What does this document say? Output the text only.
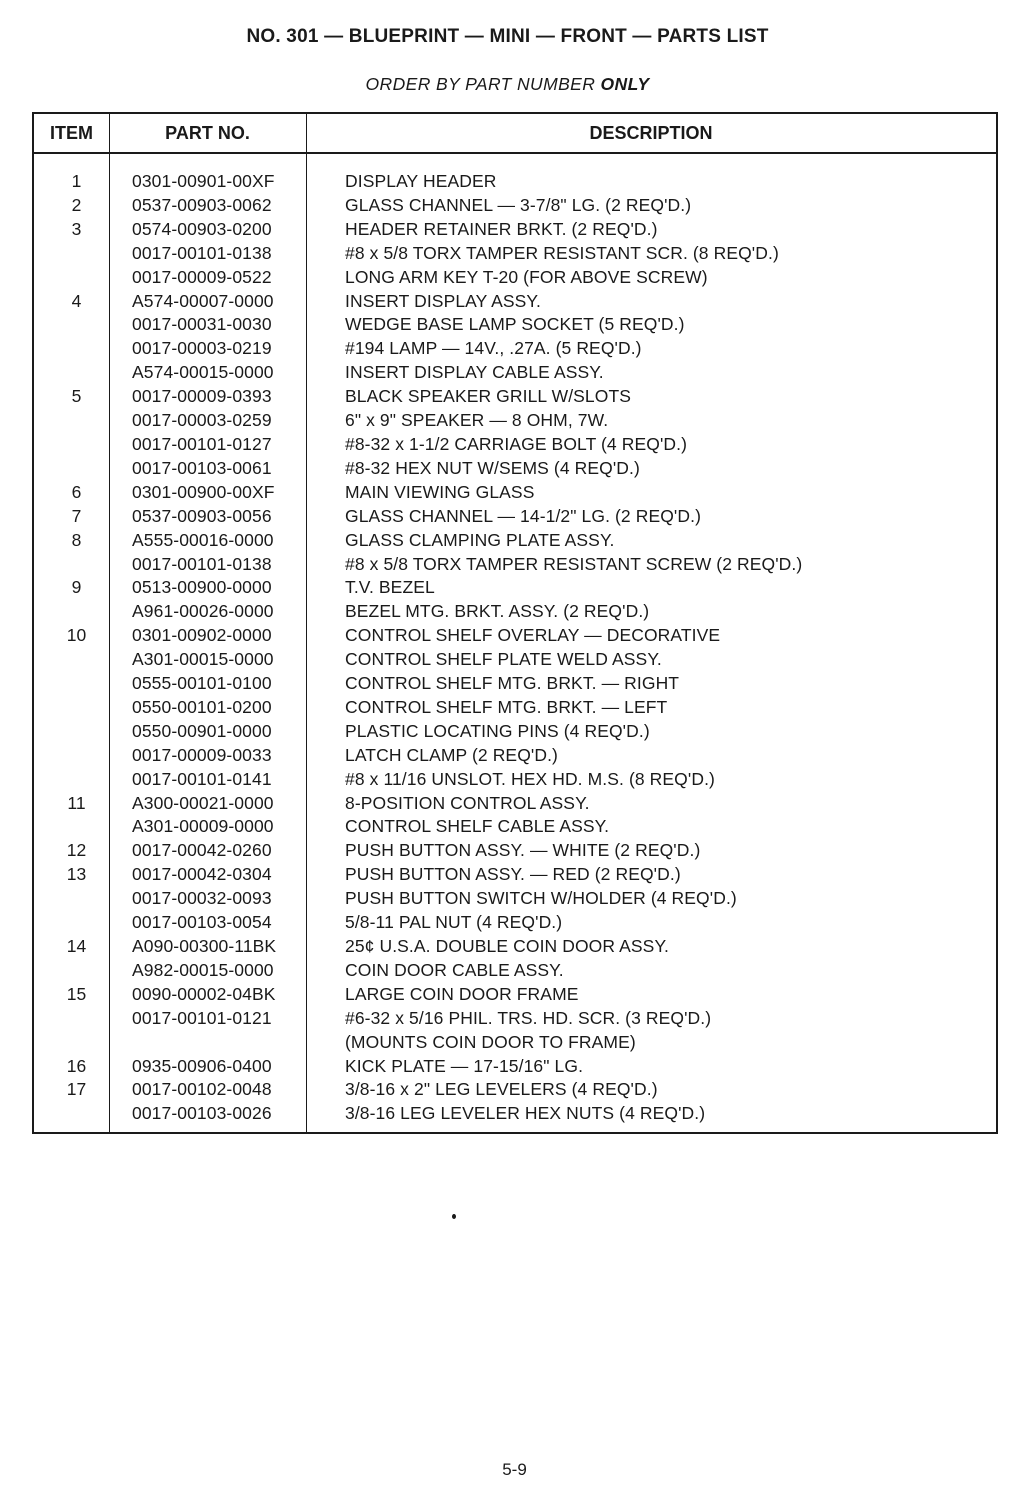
NO. 301 — BLUEPRINT — MINI — FRONT — PARTS LIST
ORDER BY PART NUMBER ONLY
ITEM	PART NO.	DESCRIPTION
1	0301-00901-00XF	DISPLAY HEADER
2	0537-00903-0062	GLASS CHANNEL — 3-7/8" LG. (2 REQ'D.)
3	0574-00903-0200	HEADER RETAINER BRKT. (2 REQ'D.)
0017-00101-0138	#8 x 5/8 TORX TAMPER RESISTANT SCR. (8 REQ'D.)
0017-00009-0522	LONG ARM KEY T-20 (FOR ABOVE SCREW)
4	A574-00007-0000	INSERT DISPLAY ASSY.
0017-00031-0030	WEDGE BASE LAMP SOCKET (5 REQ'D.)
0017-00003-0219	#194 LAMP — 14V., .27A. (5 REQ'D.)
A574-00015-0000	INSERT DISPLAY CABLE ASSY.
5	0017-00009-0393	BLACK SPEAKER GRILL W/SLOTS
0017-00003-0259	6" x 9" SPEAKER — 8 OHM, 7W.
0017-00101-0127	#8-32 x 1-1/2 CARRIAGE BOLT (4 REQ'D.)
0017-00103-0061	#8-32 HEX NUT W/SEMS (4 REQ'D.)
6	0301-00900-00XF	MAIN VIEWING GLASS
7	0537-00903-0056	GLASS CHANNEL — 14-1/2" LG. (2 REQ'D.)
8	A555-00016-0000	GLASS CLAMPING PLATE ASSY.
0017-00101-0138	#8 x 5/8 TORX TAMPER RESISTANT SCREW (2 REQ'D.)
9	0513-00900-0000	T.V. BEZEL
A961-00026-0000	BEZEL MTG. BRKT. ASSY. (2 REQ'D.)
10	0301-00902-0000	CONTROL SHELF OVERLAY — DECORATIVE
A301-00015-0000	CONTROL SHELF PLATE WELD ASSY.
0555-00101-0100	CONTROL SHELF MTG. BRKT. — RIGHT
0550-00101-0200	CONTROL SHELF MTG. BRKT. — LEFT
0550-00901-0000	PLASTIC LOCATING PINS (4 REQ'D.)
0017-00009-0033	LATCH CLAMP (2 REQ'D.)
0017-00101-0141	#8 x 11/16 UNSLOT. HEX HD. M.S. (8 REQ'D.)
11	A300-00021-0000	8-POSITION CONTROL ASSY.
A301-00009-0000	CONTROL SHELF CABLE ASSY.
12	0017-00042-0260	PUSH BUTTON ASSY. — WHITE (2 REQ'D.)
13	0017-00042-0304	PUSH BUTTON ASSY. — RED (2 REQ'D.)
0017-00032-0093	PUSH BUTTON SWITCH W/HOLDER (4 REQ'D.)
0017-00103-0054	5/8-11 PAL NUT (4 REQ'D.)
14	A090-00300-11BK	25¢ U.S.A. DOUBLE COIN DOOR ASSY.
A982-00015-0000	COIN DOOR CABLE ASSY.
15	0090-00002-04BK	LARGE COIN DOOR FRAME
0017-00101-0121	#6-32 x 5/16 PHIL. TRS. HD. SCR. (3 REQ'D.)
(MOUNTS COIN DOOR TO FRAME)
16	0935-00906-0400	KICK PLATE — 17-15/16" LG.
17	0017-00102-0048	3/8-16 x 2" LEG LEVELERS (4 REQ'D.)
0017-00103-0026	3/8-16 LEG LEVELER HEX NUTS (4 REQ'D.)
5-9
